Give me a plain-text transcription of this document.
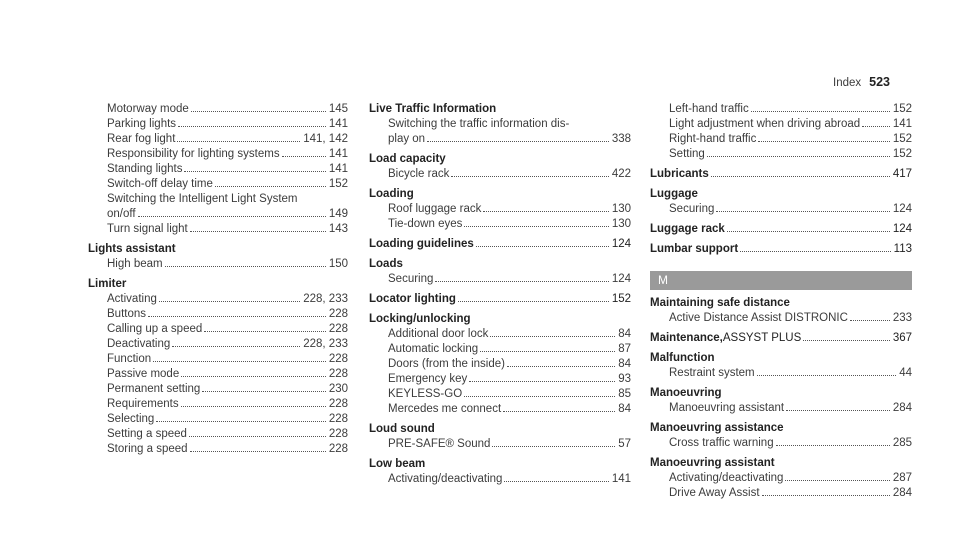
Index 523
Motorway mode	145
Parking lights	141
Rear fog light	141, 142
Responsibility for lighting systems	141
Standing lights	141
Switch-off delay time	152
Switching the Intelligent Light System
on/off	149
Turn signal light	143
Lights assistant
High beam	150
Limiter
Activating	228, 233
Buttons	228
Calling up a speed	228
Deactivating	228, 233
Function	228
Passive mode	228
Permanent setting	230
Requirements	228
Selecting	228
Setting a speed	228
Storing a speed	228
Live Traffic Information
Switching the traffic information dis-
play on	338
Load capacity
Bicycle rack	422
Loading
Roof luggage rack	130
Tie-down eyes	130
Loading guidelines	124
Loads
Securing	124
Locator lighting	152
Locking/unlocking
Additional door lock	84
Automatic locking	87
Doors (from the inside)	84
Emergency key	93
KEYLESS-GO	85
Mercedes me connect	84
Loud sound
PRE-SAFE® Sound	57
Low beam
Activating/deactivating	141
Left-hand traffic	152
Light adjustment when driving abroad	141
Right-hand traffic	152
Setting	152
Lubricants	417
Luggage
Securing	124
Luggage rack	124
Lumbar support	113
M
Maintaining safe distance
Active Distance Assist DISTRONIC	233
Maintenance, ASSYST PLUS	367
Malfunction
Restraint system	44
Manoeuvring
Manoeuvring assistant	284
Manoeuvring assistance
Cross traffic warning	285
Manoeuvring assistant
Activating/deactivating	287
Drive Away Assist	284
